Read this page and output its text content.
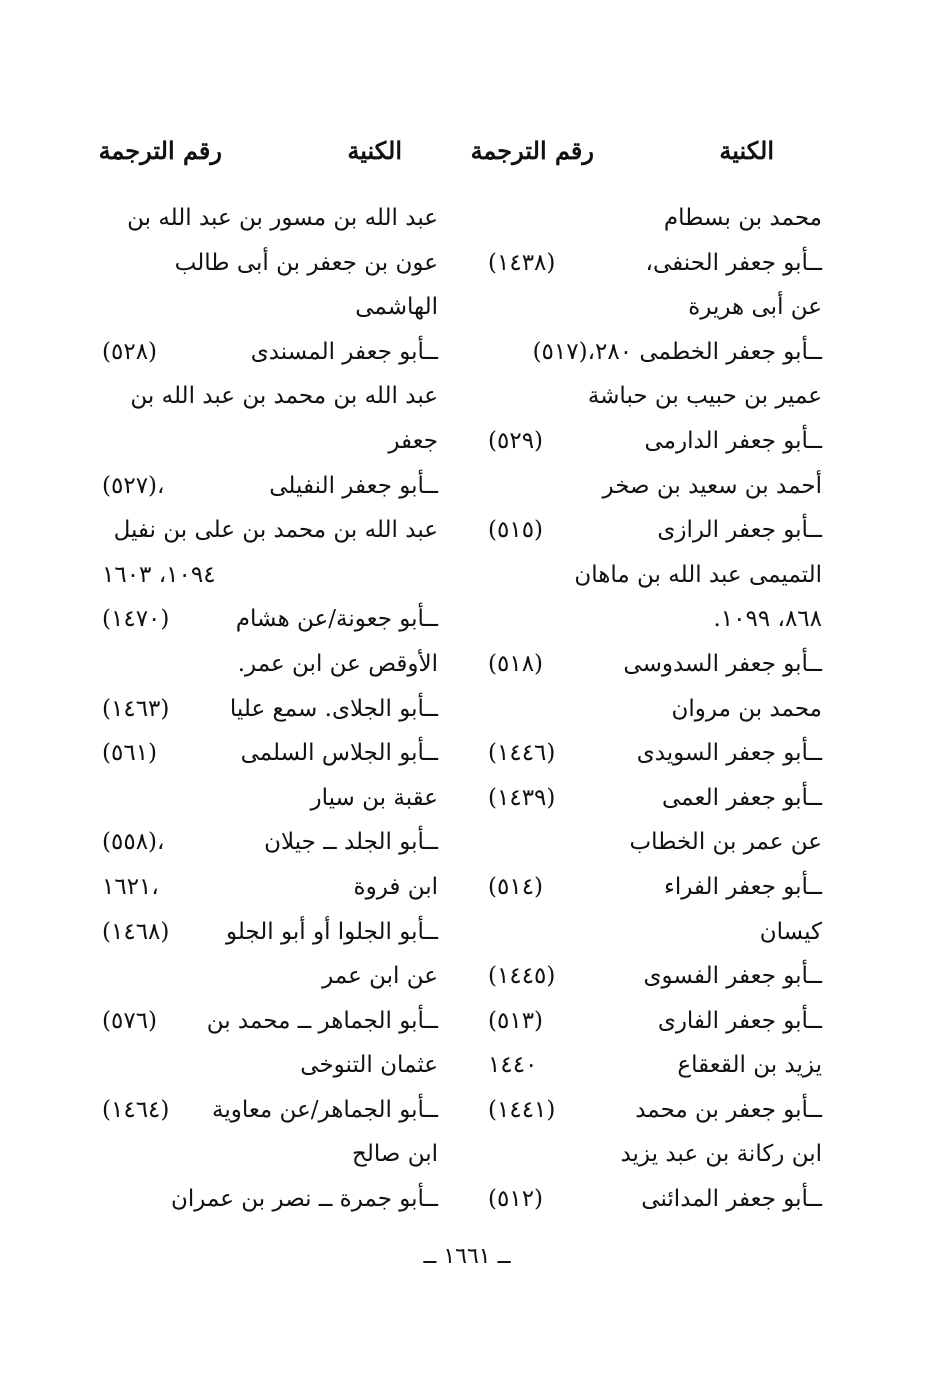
الكنية
رقم الترجمة
الكنية
رقم الترجمة
محمد بن بسطام
ــأبو جعفر الحنفى،
(١٤٣٨)
عن أبى هريرة
ــأبو جعفر الخطمى ٢٨٠،(٥١٧)
عمير بن حبيب بن حباشة
ــأبو جعفر الدارمى
(٥٢٩)
أحمد بن سعيد بن صخر
ــأبو جعفر الرازى
(٥١٥)
التميمى عبد الله بن ماهان
٨٦٨، ١٠٩٩.
ــأبو جعفر السدوسى
(٥١٨)
محمد بن مروان
ــأبو جعفر السويدى
(١٤٤٦)
ــأبو جعفر العمى
(١٤٣٩)
عن عمر بن الخطاب
ــأبو جعفر الفراء
(٥١٤)
كيسان
ــأبو جعفر الفسوى
(١٤٤٥)
ــأبو جعفر الفارى
(٥١٣)
يزيد بن القعقاع
١٤٤٠
ــأبو جعفر بن محمد
(١٤٤١)
ابن ركانة بن عبد يزيد
ــأبو جعفر المدائنى
(٥١٢)
عبد الله بن مسور بن عبد الله بن
عون بن جعفر بن أبى طالب
الهاشمى
ــأبو جعفر المسندى
(٥٢٨)
عبد الله بن محمد بن عبد الله بن
جعفر
ــأبو جعفر النفيلى
(٥٢٧)،
عبد الله بن محمد بن على بن نفيل
١٠٩٤، ١٦٠٣
ــأبو جعونة/عن هشام
(١٤٧٠)
الأوقص عن ابن عمر.
ــأبو الجلاى. سمع عليا
(١٤٦٣)
ــأبو الجلاس السلمى
(٥٦١)
عقبة بن سيار
ــأبو الجلد ــ جيلان
(٥٥٨)،
ابن فروة
١٦٢١،
ــأبو الجلوا أو أبو الجلو
(١٤٦٨)
عن ابن عمر
ــأبو الجماهر ــ محمد بن
(٥٧٦)
عثمان التنوخى
ــأبو الجماهر/عن معاوية
(١٤٦٤)
ابن صالح
ــأبو جمرة ــ نصر بن عمران
ــ ١٦٦١ ــ
